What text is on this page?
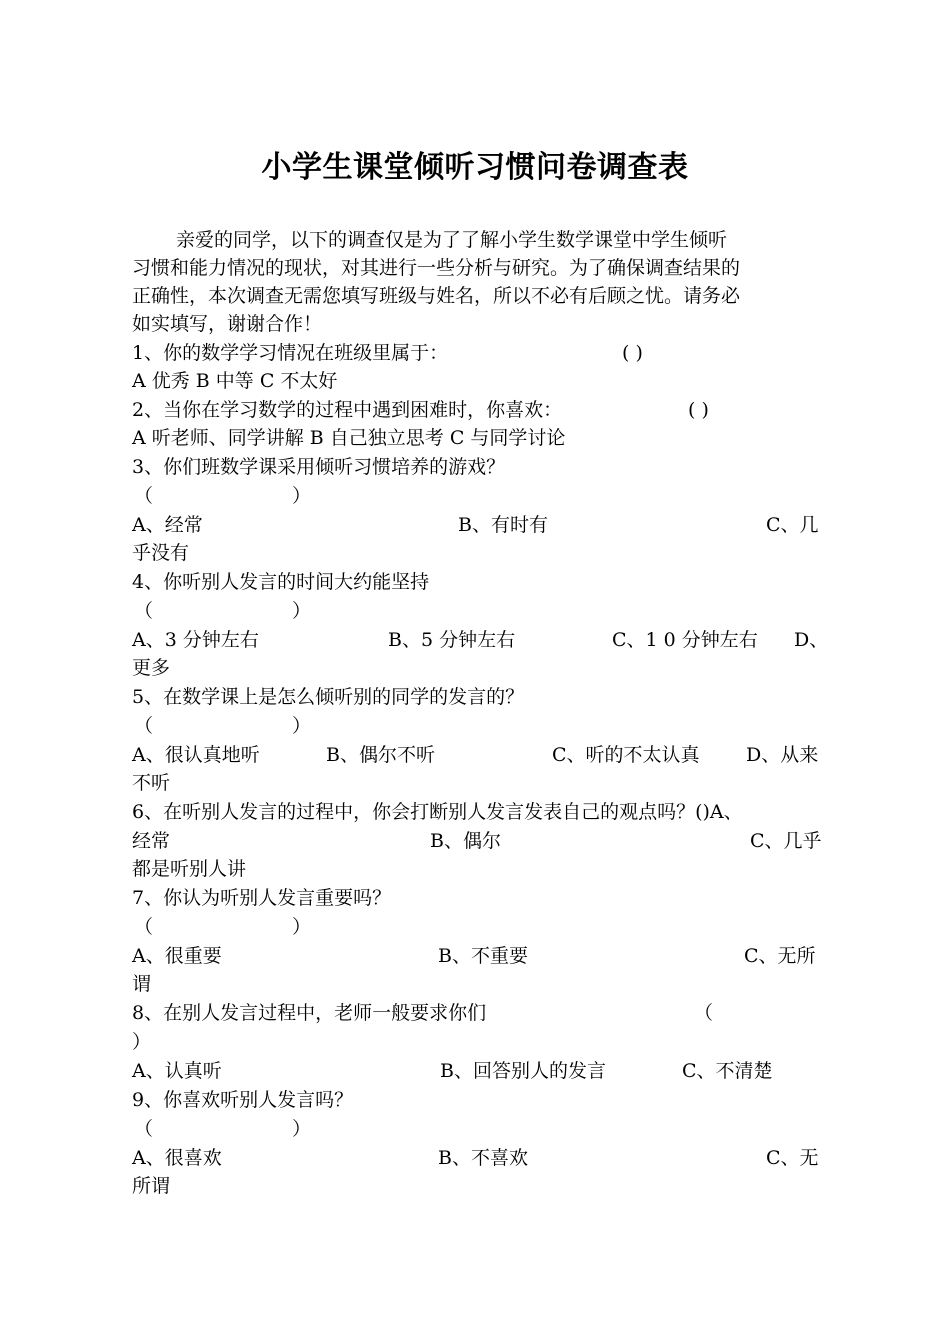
小学生课堂倾听习惯问卷调查表
亲爱的同学，以下的调查仅是为了了解小学生数学课堂中学生倾听
习惯和能力情况的现状，对其进行一些分析与研究。为了确保调查结果的
正确性，本次调查无需您填写班级与姓名，所以不必有后顾之忧。请务必
如实填写，谢谢合作！
1、你的数学学习情况在班级里属于：	( )
A 优秀 B 中等 C 不太好
2、当你在学习数学的过程中遇到困难时，你喜欢：	( )
A 听老师、同学讲解 B 自己独立思考 C 与同学讨论
3、你们班数学课采用倾听习惯培养的游戏？
（	）
A、经常	B、有时有	C、几
乎没有
4、你听别人发言的时间大约能坚持
（	）
A、3 分钟左右	B、5 分钟左右	C、1 0 分钟左右 D、
更多
5、在数学课上是怎么倾听别的同学的发言的？
（	）
A、很认真地听	B、偶尔不听	C、听的不太认真 D、从来
不听
6、在听别人发言的过程中，你会打断别人发言发表自己的观点吗？()A、
经常	B、偶尔	C、几乎
都是听别人讲
7、你认为听别人发言重要吗？
（	）
A、很重要	B、不重要	C、无所
谓
8、在别人发言过程中，老师一般要求你们	（
）
A、认真听	B、回答别人的发言	C、不清楚
9、你喜欢听别人发言吗？
（	）
A、很喜欢	B、不喜欢	C、无
所谓
